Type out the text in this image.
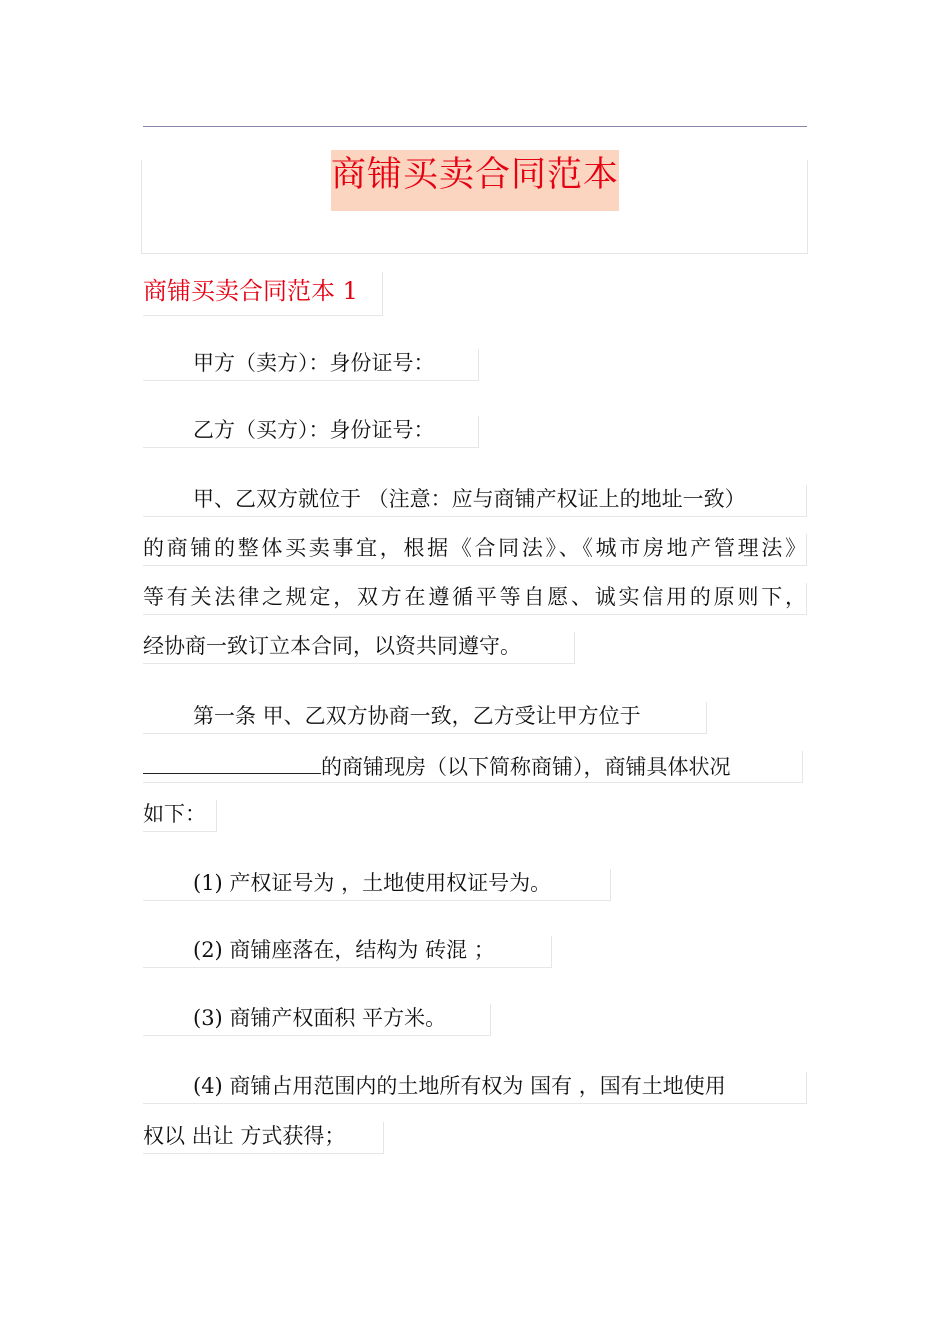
商铺买卖合同范本
商铺买卖合同范本 1
甲方（卖方）：身份证号：
乙方（买方）：身份证号：
甲、乙双方就位于 （注意：应与商铺产权证上的地址一致）
的商铺的整体买卖事宜，根据《合同法》、《城市房地产管理法》
等有关法律之规定，双方在遵循平等自愿、诚实信用的原则下，
经协商一致订立本合同，以资共同遵守。
第一条 甲、乙双方协商一致，乙方受让甲方位于
的商铺现房（以下简称商铺），商铺具体状况
如下：
(1) 产权证号为 ，土地使用权证号为。
(2) 商铺座落在，结构为 砖混 ；
(3) 商铺产权面积 平方米。
(4) 商铺占用范围内的土地所有权为 国有 ，国有土地使用
权以 出让 方式获得；
